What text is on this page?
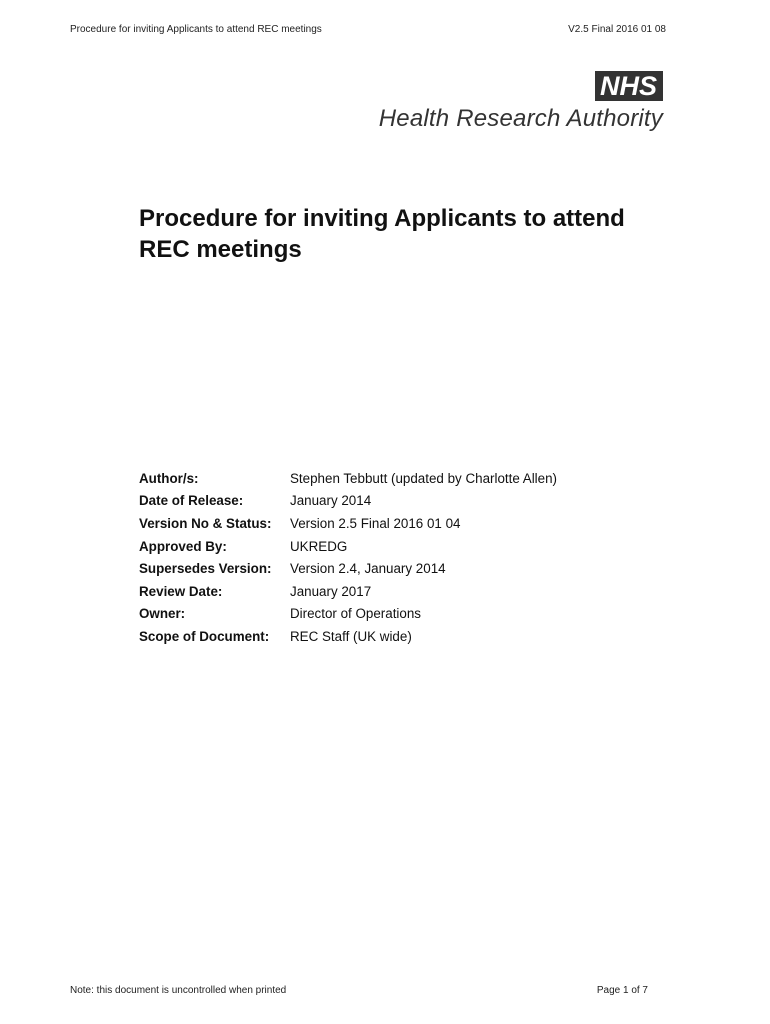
Procedure for inviting Applicants to attend REC meetings	V2.5 Final 2016 01 08
NHS
Health Research Authority
Procedure for inviting Applicants to attend
REC meetings
Author/s:	Stephen Tebbutt (updated by Charlotte Allen)
Date of Release:	January 2014
Version No & Status:	Version 2.5 Final 2016 01 04
Approved By:	UKREDG
Supersedes Version:	Version 2.4, January 2014
Review Date:	January 2017
Owner:	Director of Operations
Scope of Document:	REC Staff (UK wide)
Note: this document is uncontrolled when printed	Page 1 of 7
